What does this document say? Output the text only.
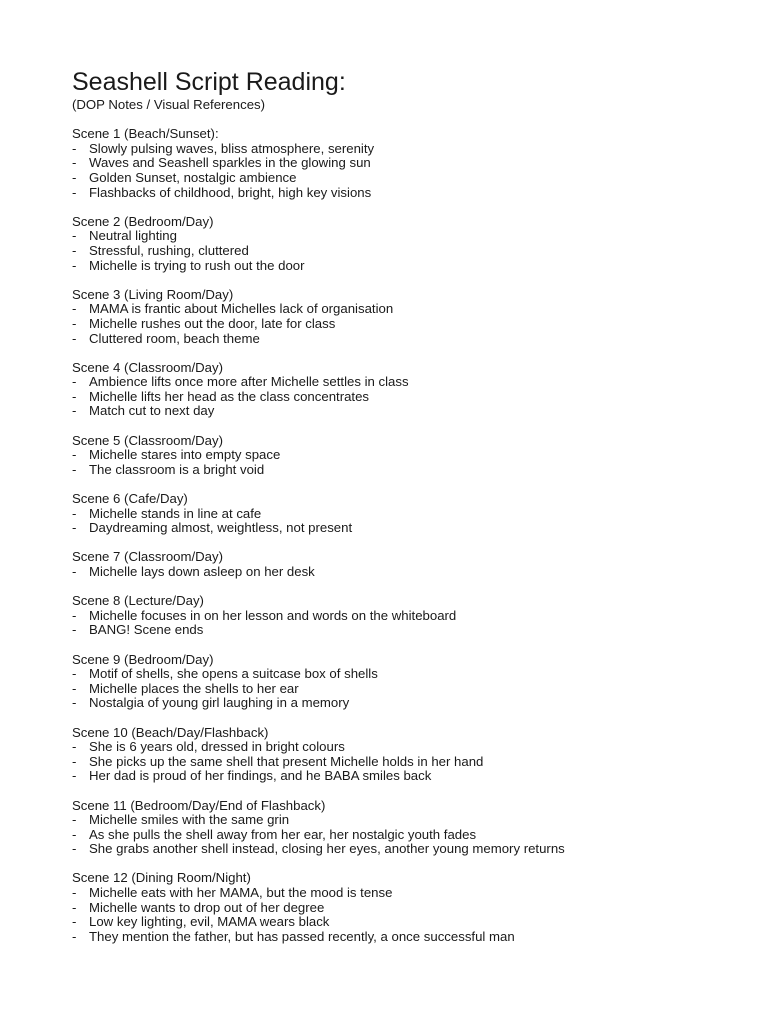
Seashell Script Reading:
(DOP Notes / Visual References)
Scene 1 (Beach/Sunset):
- Slowly pulsing waves, bliss atmosphere, serenity
- Waves and Seashell sparkles in the glowing sun
- Golden Sunset, nostalgic ambience
- Flashbacks of childhood, bright, high key visions
Scene 2 (Bedroom/Day)
- Neutral lighting
- Stressful, rushing, cluttered
- Michelle is trying to rush out the door
Scene 3 (Living Room/Day)
- MAMA is frantic about Michelles lack of organisation
- Michelle rushes out the door, late for class
- Cluttered room, beach theme
Scene 4 (Classroom/Day)
- Ambience lifts once more after Michelle settles in class
- Michelle lifts her head as the class concentrates
- Match cut to next day
Scene 5 (Classroom/Day)
- Michelle stares into empty space
- The classroom is a bright void
Scene 6 (Cafe/Day)
- Michelle stands in line at cafe
- Daydreaming almost, weightless, not present
Scene 7 (Classroom/Day)
- Michelle lays down asleep on her desk
Scene 8 (Lecture/Day)
- Michelle focuses in on her lesson and words on the whiteboard
- BANG! Scene ends
Scene 9 (Bedroom/Day)
- Motif of shells, she opens a suitcase box of shells
- Michelle places the shells to her ear
- Nostalgia of young girl laughing in a memory
Scene 10 (Beach/Day/Flashback)
- She is 6 years old, dressed in bright colours
- She picks up the same shell that present Michelle holds in her hand
- Her dad is proud of her findings, and he BABA smiles back
Scene 11 (Bedroom/Day/End of Flashback)
- Michelle smiles with the same grin
- As she pulls the shell away from her ear, her nostalgic youth fades
- She grabs another shell instead, closing her eyes, another young memory returns
Scene 12 (Dining Room/Night)
- Michelle eats with her MAMA, but the mood is tense
- Michelle wants to drop out of her degree
- Low key lighting, evil, MAMA wears black
- They mention the father, but has passed recently, a once successful man
